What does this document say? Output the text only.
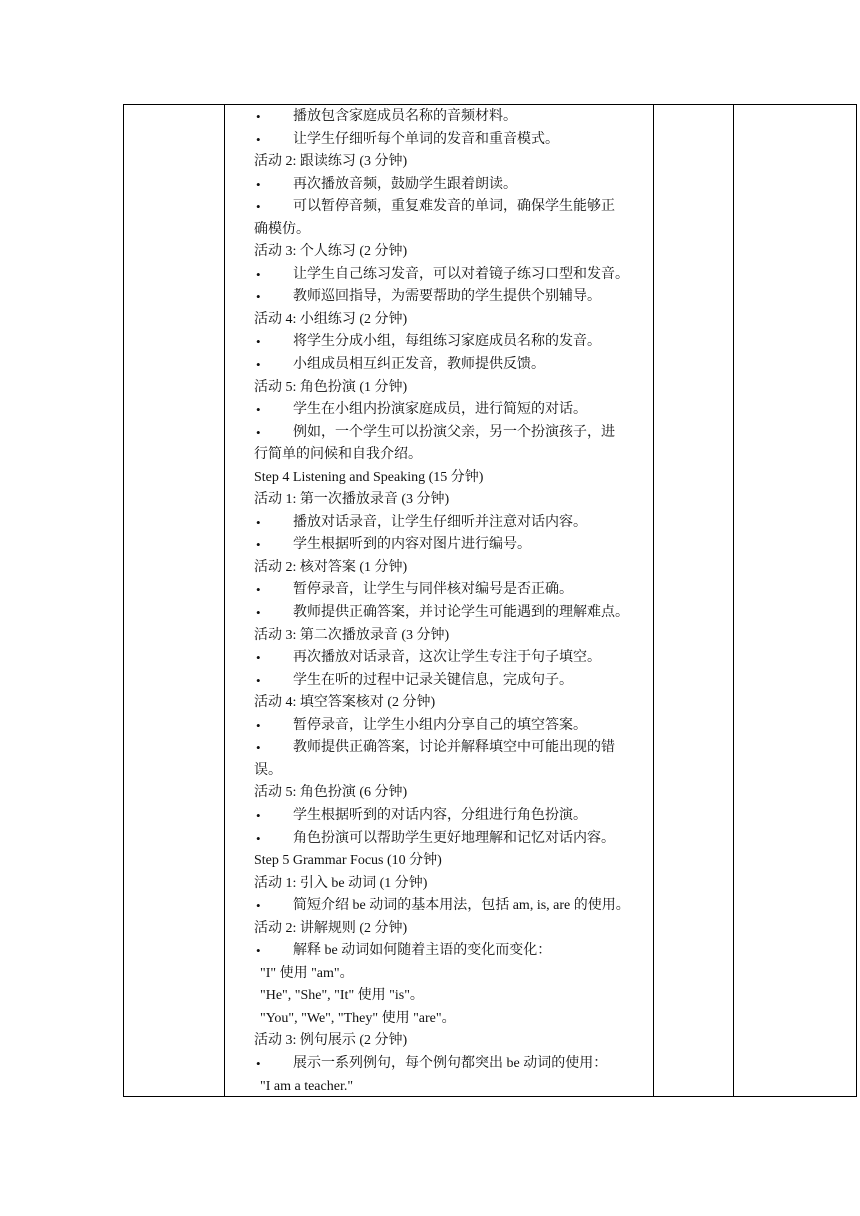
• 播放包含家庭成员名称的音频材料。
• 让学生仔细听每个单词的发音和重音模式。
活动 2: 跟读练习 (3 分钟)
• 再次播放音频，鼓励学生跟着朗读。
• 可以暂停音频，重复难发音的单词，确保学生能够正
确模仿。
活动 3: 个人练习 (2 分钟)
• 让学生自己练习发音，可以对着镜子练习口型和发音。
• 教师巡回指导，为需要帮助的学生提供个别辅导。
活动 4: 小组练习 (2 分钟)
• 将学生分成小组，每组练习家庭成员名称的发音。
• 小组成员相互纠正发音，教师提供反馈。
活动 5: 角色扮演 (1 分钟)
• 学生在小组内扮演家庭成员，进行简短的对话。
• 例如，一个学生可以扮演父亲，另一个扮演孩子，进
行简单的问候和自我介绍。
Step 4 Listening and Speaking (15 分钟)
活动 1: 第一次播放录音 (3 分钟)
• 播放对话录音，让学生仔细听并注意对话内容。
• 学生根据听到的内容对图片进行编号。
活动 2: 核对答案 (1 分钟)
• 暂停录音，让学生与同伴核对编号是否正确。
• 教师提供正确答案，并讨论学生可能遇到的理解难点。
活动 3: 第二次播放录音 (3 分钟)
• 再次播放对话录音，这次让学生专注于句子填空。
• 学生在听的过程中记录关键信息，完成句子。
活动 4: 填空答案核对 (2 分钟)
• 暂停录音，让学生小组内分享自己的填空答案。
• 教师提供正确答案，讨论并解释填空中可能出现的错
误。
活动 5: 角色扮演 (6 分钟)
• 学生根据听到的对话内容，分组进行角色扮演。
• 角色扮演可以帮助学生更好地理解和记忆对话内容。
Step 5 Grammar Focus (10 分钟)
活动 1: 引入 be 动词 (1 分钟)
• 简短介绍 be 动词的基本用法，包括 am, is, are 的使用。
活动 2: 讲解规则 (2 分钟)
• 解释 be 动词如何随着主语的变化而变化：
"I" 使用 "am"。
"He", "She", "It" 使用 "is"。
"You", "We", "They" 使用 "are"。
活动 3: 例句展示 (2 分钟)
• 展示一系列例句，每个例句都突出 be 动词的使用：
"I am a teacher."
